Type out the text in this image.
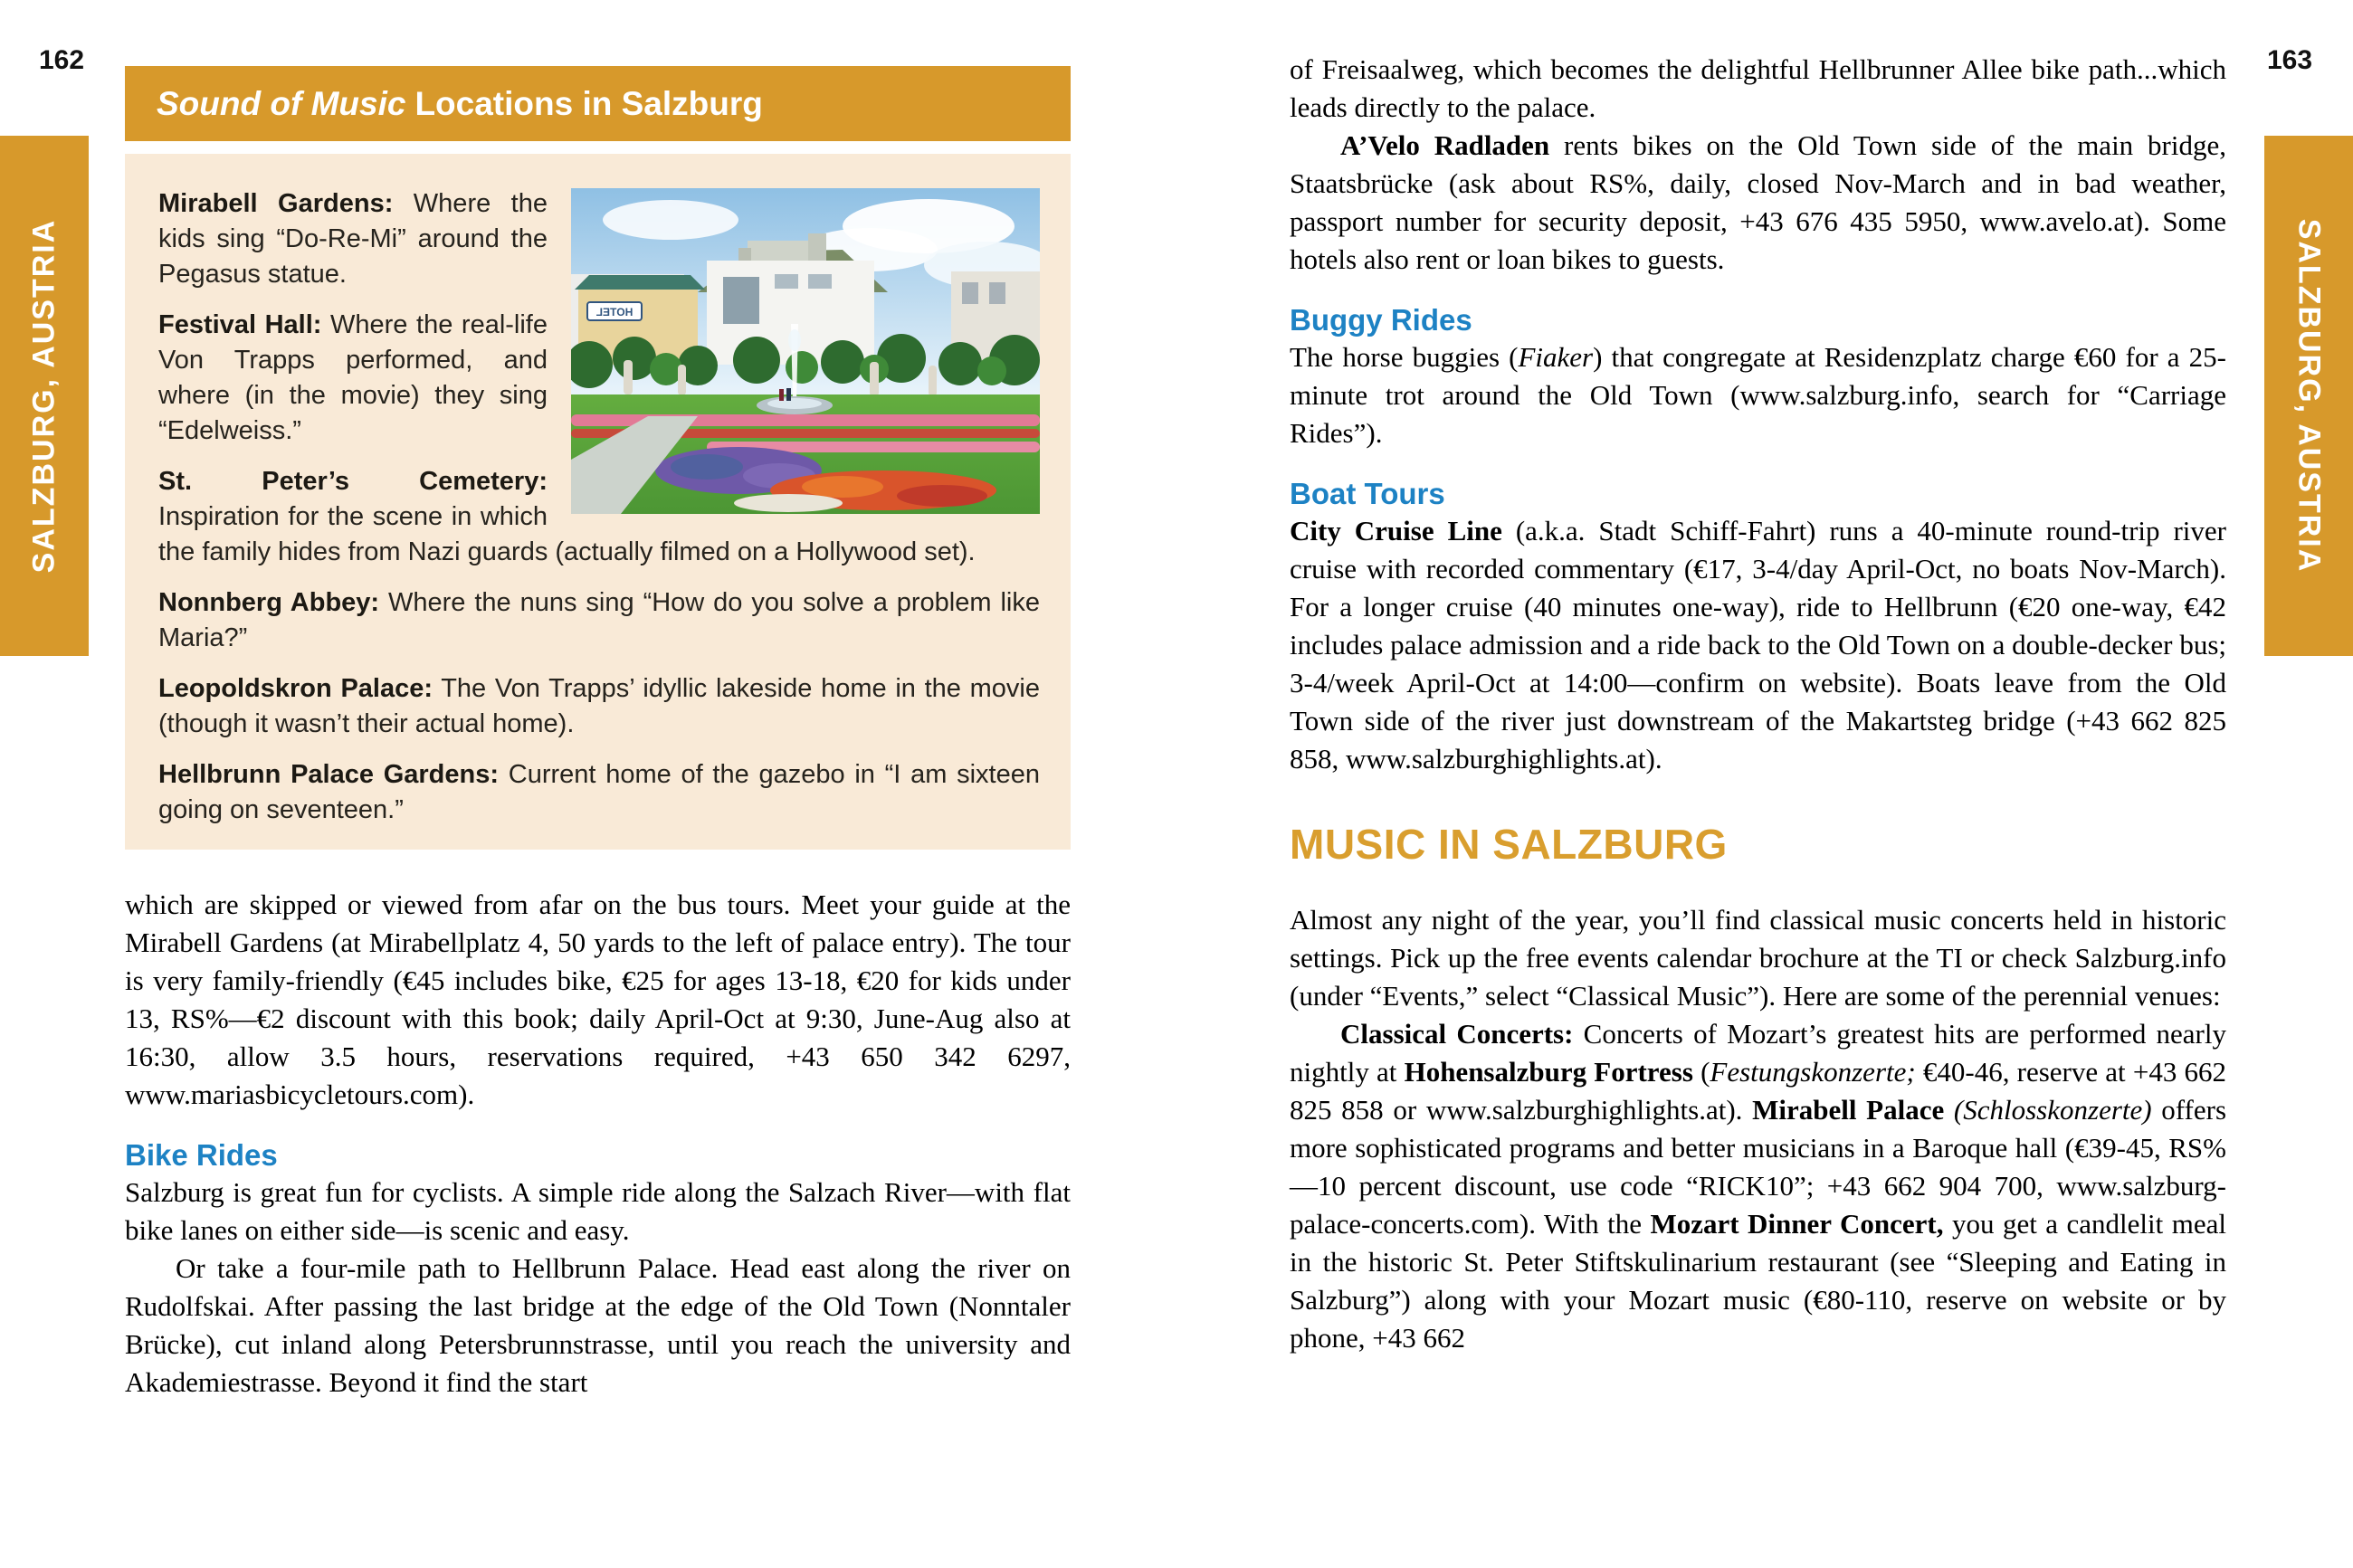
162	163
SALZBURG, AUSTRIA	SALZBURG, AUSTRIA
Sound of Music Locations in Salzburg
HOTEL

Mirabell Gardens: Where the kids sing “Do-Re-Mi” around the Pegasus statue.

Festival Hall: Where the real-life Von Trapps performed, and where (in the movie) they sing “Edelweiss.”

St. Peter’s Cemetery: Inspiration for the scene in which the family hides from Nazi guards (actually filmed on a Hollywood set).

Nonnberg Abbey: Where the nuns sing “How do you solve a problem like Maria?”

Leopoldskron Palace: The Von Trapps’ idyllic lakeside home in the movie (though it wasn’t their actual home).

Hellbrunn Palace Gardens: Current home of the gazebo in “I am sixteen going on seventeen.”

which are skipped or viewed from afar on the bus tours. Meet your guide at the Mirabell Gardens (at Mirabellplatz 4, 50 yards to the left of palace entry). The tour is very family-friendly (€45 includes bike, €25 for ages 13-18, €20 for kids under 13, RS%—€2 discount with this book; daily April-Oct at 9:30, June-Aug also at 16:30, allow 3.5 hours, reservations required, +43 650 342 6297, www.mariasbicycletours.com).

Bike Rides

Salzburg is great fun for cyclists. A simple ride along the Salzach River—with flat bike lanes on either side—is scenic and easy.

Or take a four-mile path to Hellbrunn Palace. Head east along the river on Rudolfskai. After passing the last bridge at the edge of the Old Town (Nonntaler Brücke), cut inland along Petersbrunnstrasse, until you reach the university and Akademiestrasse. Beyond it find the start

of Freisaalweg, which becomes the delightful Hellbrunner Allee bike path...which leads directly to the palace.

A’Velo Radladen rents bikes on the Old Town side of the main bridge, Staatsbrücke (ask about RS%, daily, closed Nov-March and in bad weather, passport number for security deposit, +43 676 435 5950, www.avelo.at). Some hotels also rent or loan bikes to guests.

Buggy Rides

The horse buggies (Fiaker) that congregate at Residenzplatz charge €60 for a 25-minute trot around the Old Town (www.salzburg.info, search for “Carriage Rides”).

Boat Tours

City Cruise Line (a.k.a. Stadt Schiff-Fahrt) runs a 40-minute round-trip river cruise with recorded commentary (€17, 3-4/day April-Oct, no boats Nov-March). For a longer cruise (40 minutes one-way), ride to Hellbrunn (€20 one-way, €42 includes palace admission and a ride back to the Old Town on a double-decker bus; 3-4/week April-Oct at 14:00—confirm on website). Boats leave from the Old Town side of the river just downstream of the Makartsteg bridge (+43 662 825 858, www.salzburghighlights.at).

MUSIC IN SALZBURG

Almost any night of the year, you’ll find classical music concerts held in historic settings. Pick up the free events calendar brochure at the TI or check Salzburg.info (under “Events,” select “Classical Music”). Here are some of the perennial venues:

Classical Concerts: Concerts of Mozart’s greatest hits are performed nearly nightly at Hohensalzburg Fortress (Festungskonzerte; €40-46, reserve at +43 662 825 858 or www.salzburghighlights.at). Mirabell Palace (Schlosskonzerte) offers more sophisticated programs and better musicians in a Baroque hall (€39-45, RS%—10 percent discount, use code “RICK10”; +43 662 904 700, www.salzburg-palace-concerts.com). With the Mozart Dinner Concert, you get a candlelit meal in the historic St. Peter Stiftskulinarium restaurant (see “Sleeping and Eating in Salzburg”) along with your Mozart music (€80-110, reserve on website or by phone, +43 662
